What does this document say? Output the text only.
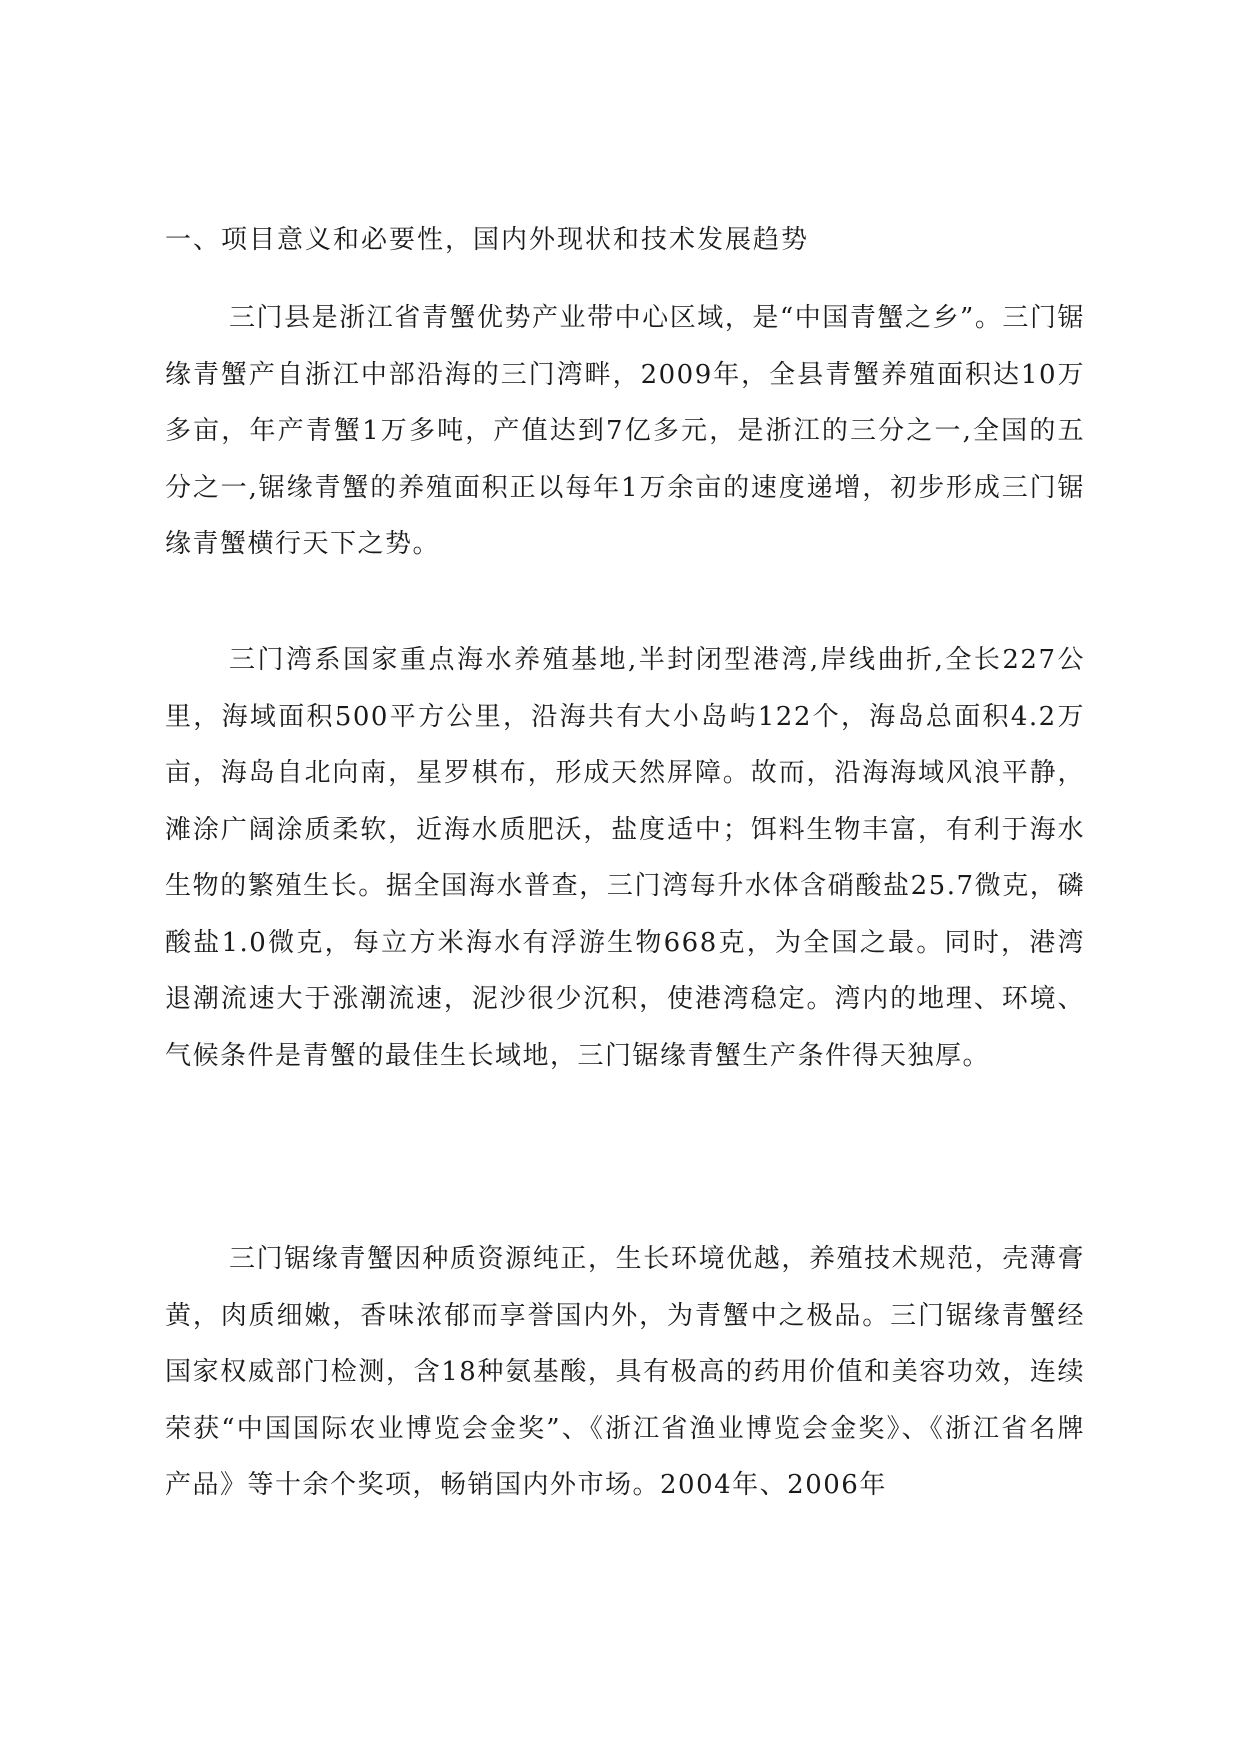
一、项目意义和必要性，国内外现状和技术发展趋势

三门县是浙江省青蟹优势产业带中心区域，是“中国青蟹之乡”。三门锯缘青蟹产自浙江中部沿海的三门湾畔，2009年，全县青蟹养殖面积达10万多亩，年产青蟹1万多吨，产值达到7亿多元，是浙江的三分之一,全国的五分之一,锯缘青蟹的养殖面积正以每年1万余亩的速度递增，初步形成三门锯缘青蟹横行天下之势。

三门湾系国家重点海水养殖基地,半封闭型港湾,岸线曲折,全长227公里，海域面积500平方公里，沿海共有大小岛屿122个，海岛总面积4.2万亩，海岛自北向南，星罗棋布，形成天然屏障。故而，沿海海域风浪平静，滩涂广阔涂质柔软，近海水质肥沃，盐度适中；饵料生物丰富，有利于海水生物的繁殖生长。据全国海水普查，三门湾每升水体含硝酸盐25.7微克，磷酸盐1.0微克，每立方米海水有浮游生物668克，为全国之最。同时，港湾退潮流速大于涨潮流速，泥沙很少沉积，使港湾稳定。湾内的地理、环境、气候条件是青蟹的最佳生长域地，三门锯缘青蟹生产条件得天独厚。

三门锯缘青蟹因种质资源纯正，生长环境优越，养殖技术规范，壳薄膏黄，肉质细嫩，香味浓郁而享誉国内外，为青蟹中之极品。三门锯缘青蟹经国家权威部门检测，含18种氨基酸，具有极高的药用价值和美容功效，连续荣获“中国国际农业博览会金奖”、《浙江省渔业博览会金奖》、《浙江省名牌产品》等十余个奖项，畅销国内外市场。2004年、2006年
